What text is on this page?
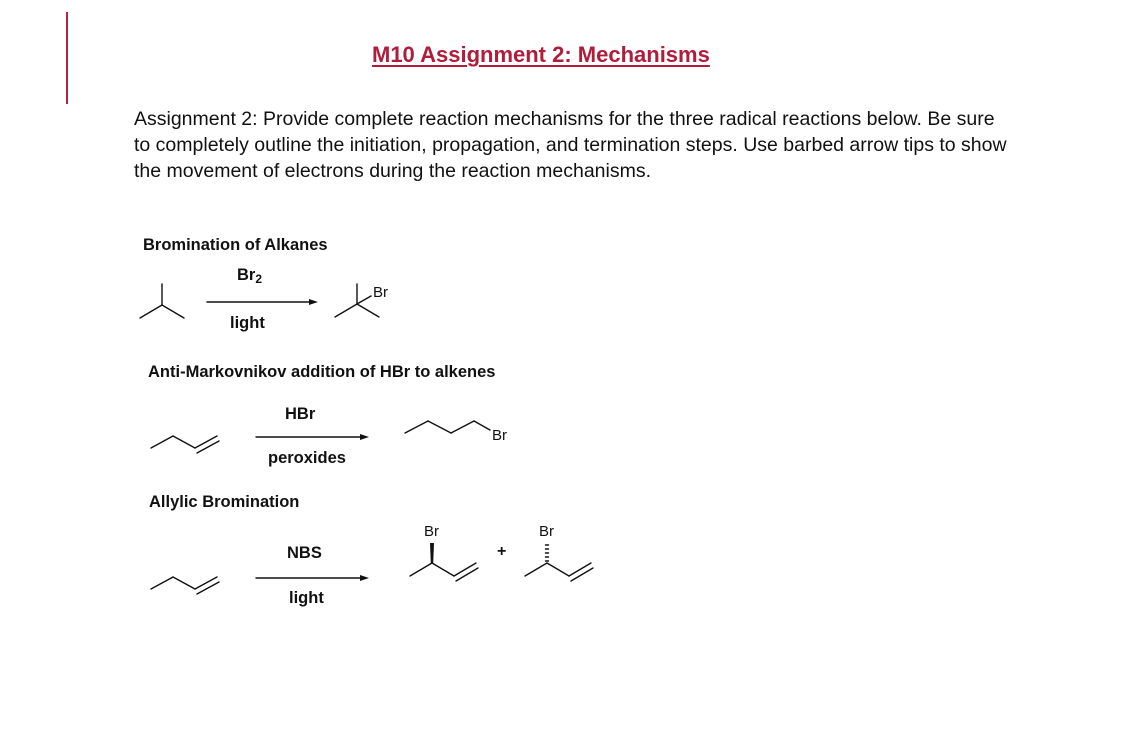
M10 Assignment 2: Mechanisms
Assignment 2: Provide complete reaction mechanisms for the three radical reactions below. Be sure to completely outline the initiation, propagation, and termination steps. Use barbed arrow tips to show the movement of electrons during the reaction mechanisms.
Bromination of Alkanes
$Br_2$
light
Br
Anti-Markovnikov addition of HBr to alkenes
HBr
peroxides
Br
Allylic Bromination
NBS
light
Br
+
Br
